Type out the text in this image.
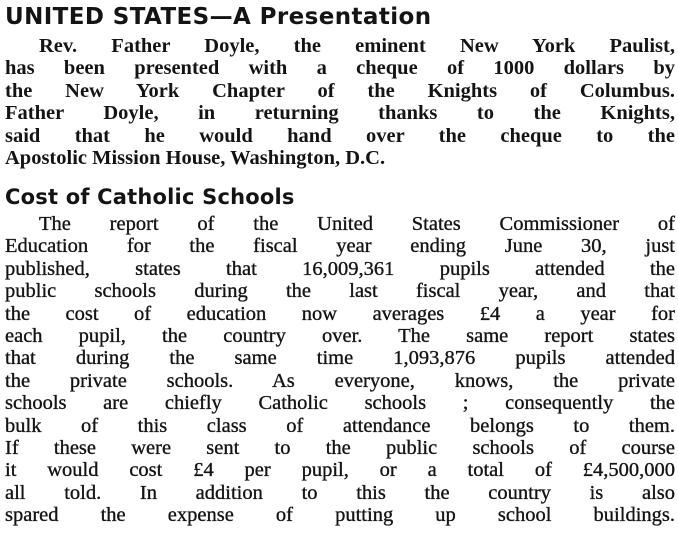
UNITED STATES—A Presentation
Rev. Father Doyle, the eminent New York Paulist,
has been presented with a cheque of 1000 dollars by
the New York Chapter of the Knights of Columbus.
Father Doyle, in returning thanks to the Knights,
said that he would hand over the cheque to the
Apostolic Mission House, Washington, D.C.
Cost of Catholic Schools
The report of the United States Commissioner of
Education for the fiscal year ending June 30, just
published, states that 16,009,361 pupils attended the
public schools during the last fiscal year, and that
the cost of education now averages £4 a year for
each pupil, the country over. The same report states
that during the same time 1,093,876 pupils attended
the private schools. As everyone, knows, the private
schools are chiefly Catholic schools ; consequently the
bulk of this class of attendance belongs to them.
If these were sent to the public schools of course
it would cost £4 per pupil, or a total of £4,500,000
all told. In addition to this the country is also
spared the expense of putting up school buildings.
